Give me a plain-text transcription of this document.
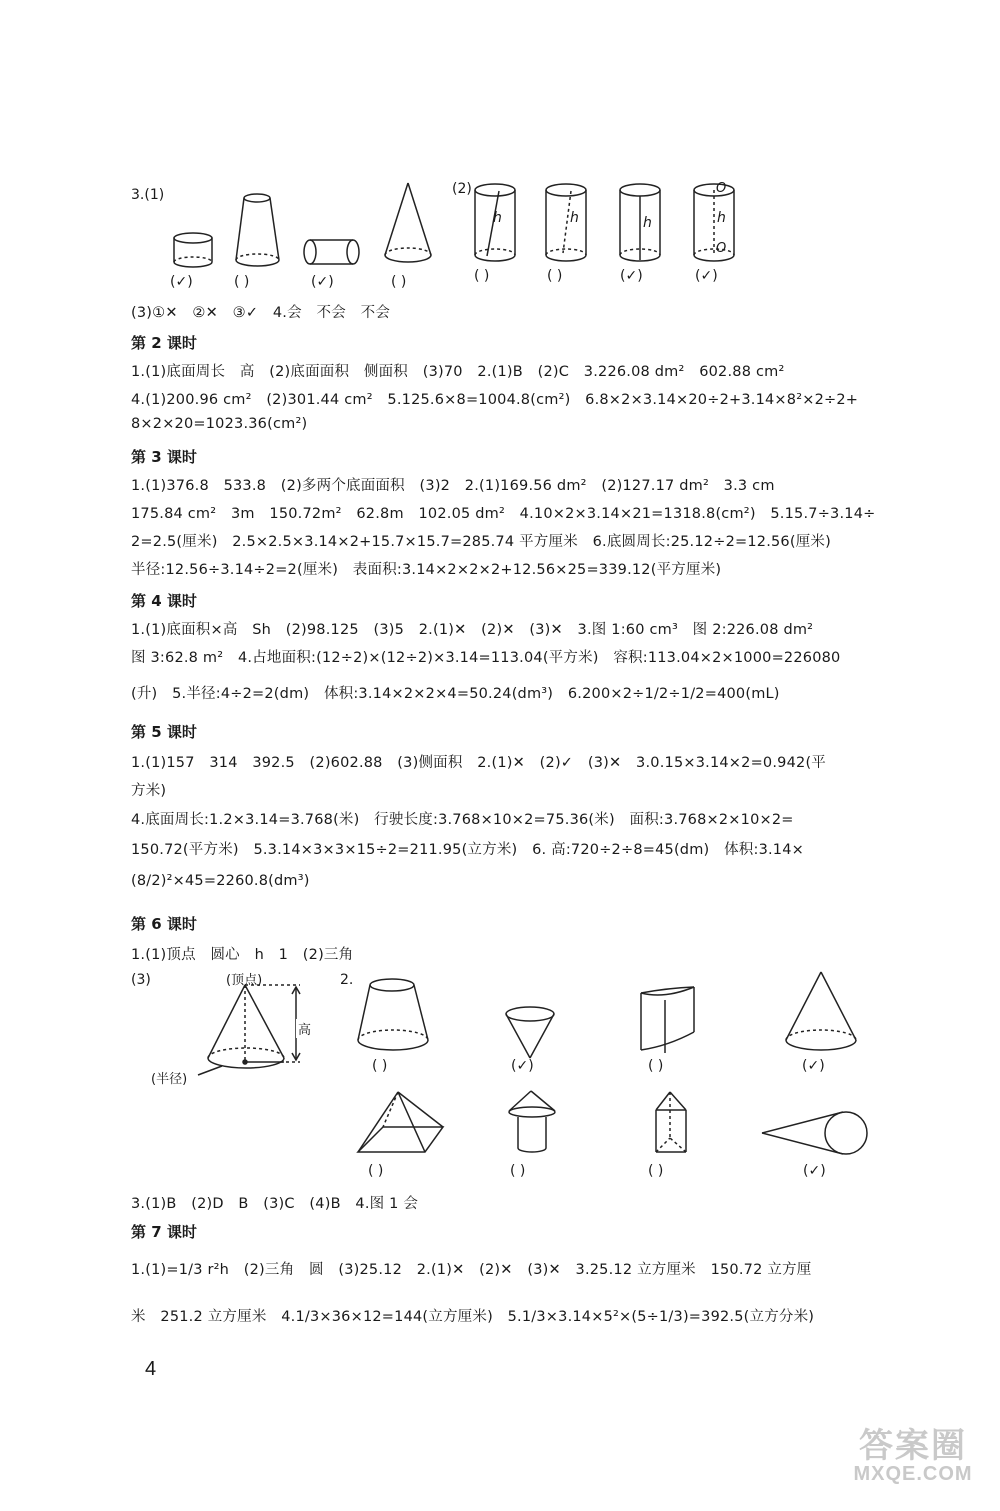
3.(1)	(2)
(✓)	( )	(✓)	( )	( )	( )	(✓)	(✓)
h	h	h	h
O
O
(3)①✕　②✕　③✓　4.会　不会　不会
第 2 课时
1.(1)底面周长　高　(2)底面面积　侧面积　(3)70　2.(1)B　(2)C　3.226.08 dm²　602.88 cm²
4.(1)200.96 cm²　(2)301.44 cm²　5.125.6×8=1004.8(cm²)　6.8×2×3.14×20÷2+3.14×8²×2÷2+
8×2×20=1023.36(cm²)
第 3 课时
1.(1)376.8　533.8　(2)多两个底面面积　(3)2　2.(1)169.56 dm²　(2)127.17 dm²　3.3 cm
175.84 cm²　3m　150.72m²　62.8m　102.05 dm²　4.10×2×3.14×21=1318.8(cm²)　5.15.7÷3.14÷
2=2.5(厘米)　2.5×2.5×3.14×2+15.7×15.7=285.74 平方厘米　6.底圆周长:25.12÷2=12.56(厘米)
半径:12.56÷3.14÷2=2(厘米)　表面积:3.14×2×2×2+12.56×25=339.12(平方厘米)
第 4 课时
1.(1)底面积×高　Sh　(2)98.125　(3)5　2.(1)✕　(2)✕　(3)✕　3.图 1:60 cm³　图 2:226.08 dm²
图 3:62.8 m²　4.占地面积:(12÷2)×(12÷2)×3.14=113.04(平方米)　容积:113.04×2×1000=226080
(升)　5.半径:4÷2=2(dm)　体积:3.14×2×2×4=50.24(dm³)　6.200×2÷1/2÷1/2=400(mL)
第 5 课时
1.(1)157　314　392.5　(2)602.88　(3)侧面积　2.(1)✕　(2)✓　(3)✕　3.0.15×3.14×2=0.942(平
方米)
4.底面周长:1.2×3.14=3.768(米)　行驶长度:3.768×10×2=75.36(米)　面积:3.768×2×10×2=
150.72(平方米)　5.3.14×3×3×15÷2=211.95(立方米)　6. 高:720÷2÷8=45(dm)　体积:3.14×
(8/2)²×45=2260.8(dm³)
第 6 课时
1.(1)顶点　圆心　h　1　(2)三角
(3)	(顶点)
高
(半径)
2.
( )	(✓)	( )	(✓)
( )	( )	( )	(✓)
3.(1)B　(2)D　B　(3)C　(4)B　4.图 1 会
第 7 课时
1.(1)=1/3 r²h　(2)三角　圆　(3)25.12　2.(1)✕　(2)✕　(3)✕　3.25.12 立方厘米　150.72 立方厘
米　251.2 立方厘米　4.1/3×36×12=144(立方厘米)　5.1/3×3.14×5²×(5÷1/3)=392.5(立方分米)
4
答案圈
MXQE.COM
